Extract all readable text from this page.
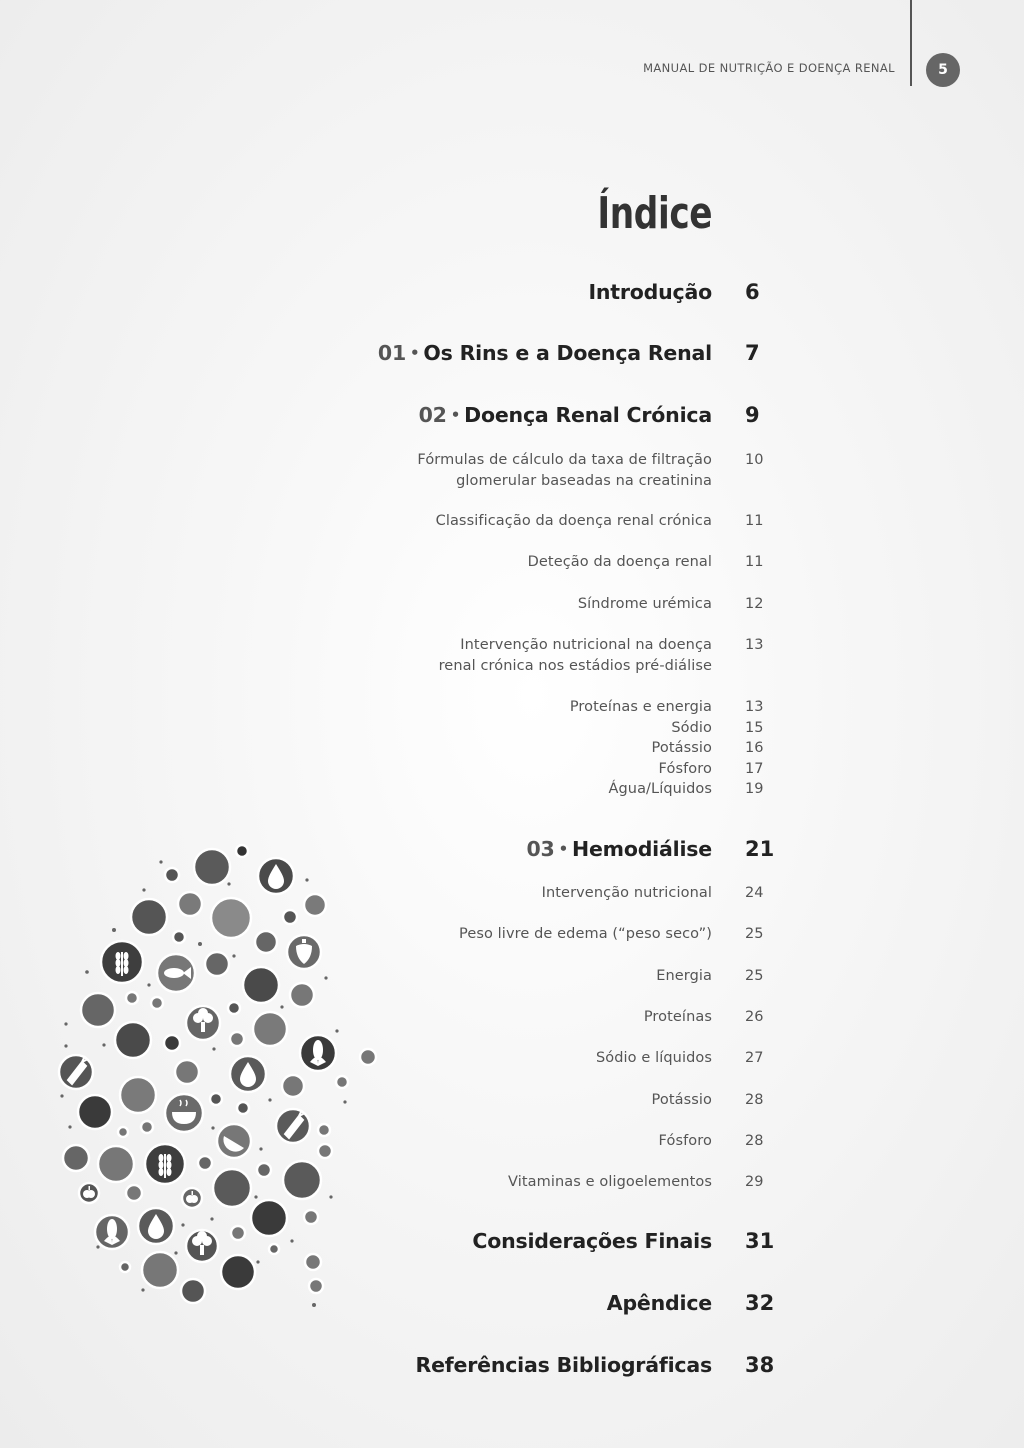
MANUAL DE NUTRIÇÃO E DOENÇA RENAL	5
Índice
Introdução 6
01 • Os Rins e a Doença Renal 7
02 • Doença Renal Crónica 9
Fórmulas de cálculo da taxa de filtração
glomerular baseadas na creatinina
10
Classificação da doença renal crónica 11
Deteção da doença renal 11
Síndrome urémica 12
Intervenção nutricional na doença
renal crónica nos estádios pré-diálise
13
Proteínas e energia 13
Sódio 15
Potássio 16
Fósforo 17
Água/Líquidos 19
03 • Hemodiálise 21
Intervenção nutricional 24
Peso livre de edema (“peso seco”) 25
Energia 25
Proteínas 26
Sódio e líquidos 27
Potássio 28
Fósforo 28
Vitaminas e oligoelementos 29
Considerações Finais 31
Apêndice 32
Referências Bibliográficas 38
